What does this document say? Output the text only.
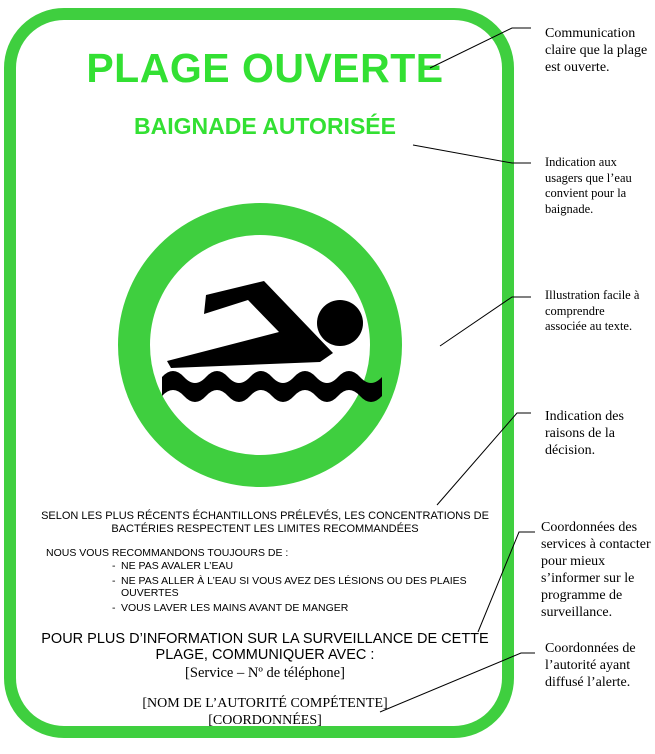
PLAGE OUVERTE
BAIGNADE AUTORISÉE
SELON LES PLUS RÉCENTS ÉCHANTILLONS PRÉLEVÉS, LES CONCENTRATIONS DE BACTÉRIES RESPECTENT LES LIMITES RECOMMANDÉES
NOUS VOUS RECOMMANDONS TOUJOURS DE :
- NE PAS AVALER L’EAU
- NE PAS ALLER À L’EAU SI VOUS AVEZ DES LÉSIONS OU DES PLAIES OUVERTES
- VOUS LAVER LES MAINS AVANT DE MANGER
POUR PLUS D’INFORMATION SUR LA SURVEILLANCE DE CETTE PLAGE, COMMUNIQUER AVEC :
[Service – Nº de téléphone]
[NOM DE L’AUTORITÉ COMPÉTENTE]
[COORDONNÉES]
Communication claire que la plage est ouverte.
Indication aux usagers que l’eau convient pour la baignade.
Illustration facile à comprendre associée au texte.
Indication des raisons de la décision.
Coordonnées des services à contacter pour mieux s’informer sur le programme de surveillance.
Coordonnées de l’autorité ayant diffusé l’alerte.
